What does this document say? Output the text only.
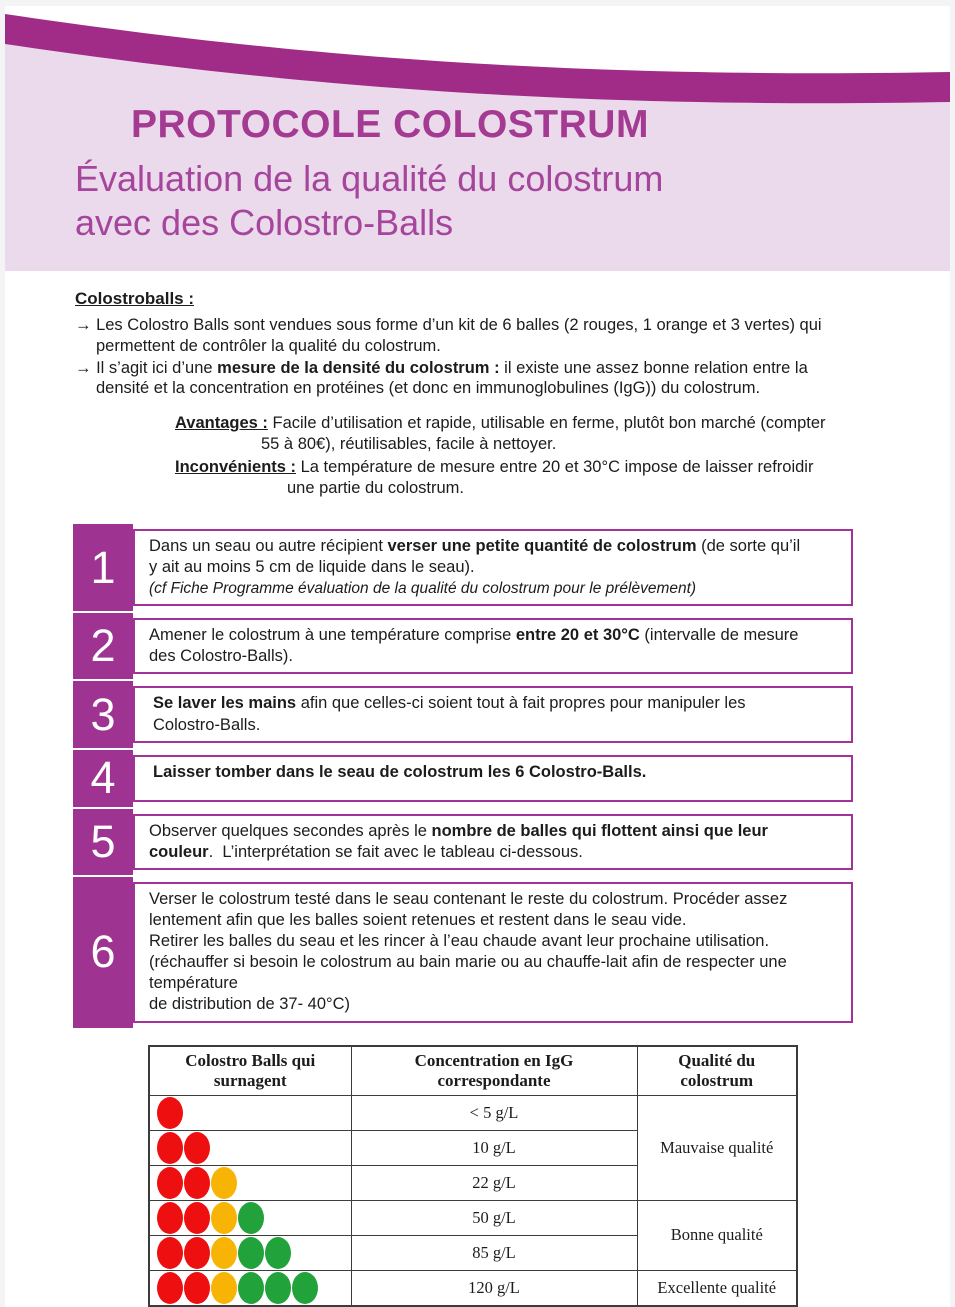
PROTOCOLE COLOSTRUM
Évaluation de la qualité du colostrum
avec des Colostro-Balls

Colostroballs :

→ Les Colostro Balls sont vendues sous forme d’un kit de 6 balles (2 rouges, 1 orange et 3 vertes) qui
permettent de contrôler la qualité du colostrum.

→ Il s’agit ici d’une mesure de la densité du colostrum : il existe une assez bonne relation entre la
densité et la concentration en protéines (et donc en immunoglobulines (IgG)) du colostrum.

Avantages : Facile d’utilisation et rapide, utilisable en ferme, plutôt bon marché (compter
55 à 80€), réutilisables, facile à nettoyer.

Inconvénients : La température de mesure entre 20 et 30°C impose de laisser refroidir
une partie du colostrum.

1	Dans un seau ou autre récipient verser une petite quantité de colostrum (de sorte qu’il
y ait au moins 5 cm de liquide dans le seau).
(cf Fiche Programme évaluation de la qualité du colostrum pour le prélèvement)
2	Amener le colostrum à une température comprise entre 20 et 30°C (intervalle de mesure
des Colostro-Balls).
3	Se laver les mains afin que celles-ci soient tout à fait propres pour manipuler les
Colostro-Balls.
4	Laisser tomber dans le seau de colostrum les 6 Colostro-Balls.
5	Observer quelques secondes après le nombre de balles qui flottent ainsi que leur
couleur.  L’interprétation se fait avec le tableau ci-dessous.
6
Verser le colostrum testé dans le seau contenant le reste du colostrum. Procéder assez
lentement afin que les balles soient retenues et restent dans le seau vide.
Retirer les balles du seau et les rincer à l’eau chaude avant leur prochaine utilisation.
(réchauffer si besoin le colostrum au bain marie ou au chauffe-lait afin de respecter une température
de distribution de 37- 40°C)
Colostro Balls qui surnagent	Concentration en IgG correspondante	Qualité du colostrum
	< 5 g/L	Mauvaise qualité
	10 g/L	
	22 g/L	
	50 g/L	Bonne qualité
	85 g/L	
	120 g/L	Excellente qualité
